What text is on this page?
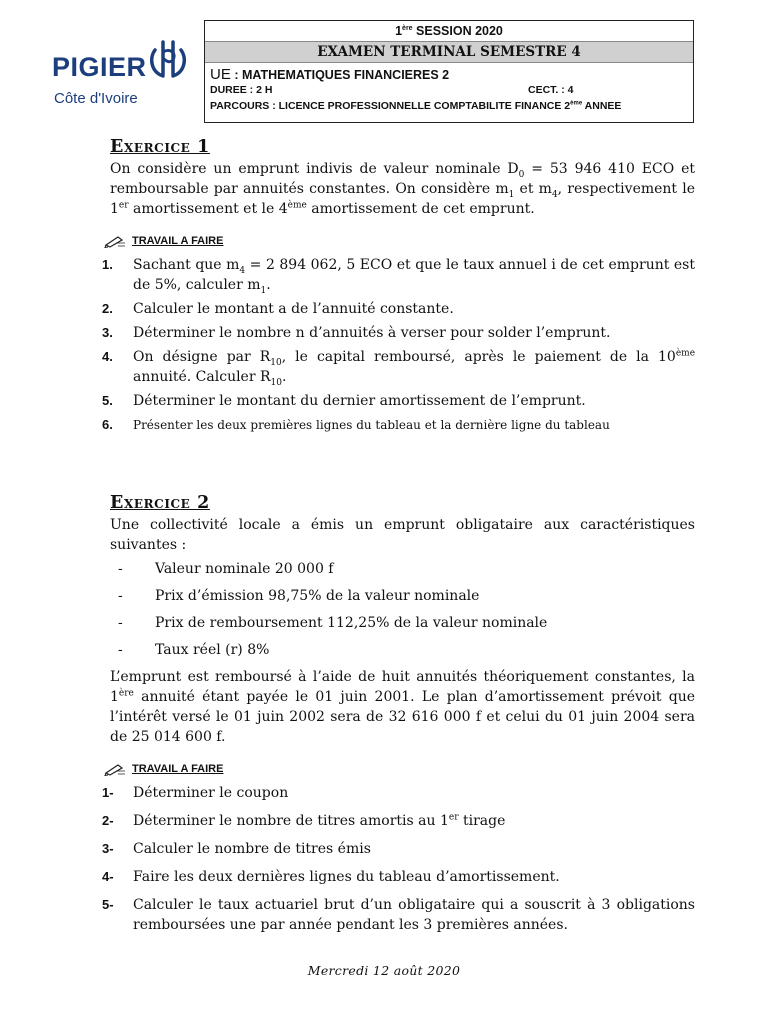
PIGIER
Côte d'Ivoire
1ère SESSION 2020
EXAMEN TERMINAL SEMESTRE 4
UE : MATHEMATIQUES FINANCIERES 2
DUREE : 2 H	CECT. : 4
PARCOURS : LICENCE PROFESSIONNELLE COMPTABILITE FINANCE 2ème ANNEE
Exercice 1

On considère un emprunt indivis de valeur nominale $D_0 = 53$ 946 410 ECO et remboursable par annuités constantes. On considère $m_1$ et $m_4$, respectivement le 1er amortissement et le 4ème amortissement de cet emprunt.

TRAVAIL A FAIRE
1.	Sachant que $m_4 = 2$ 894 062, 5 ECO et que le taux annuel i de cet emprunt est de 5%, calculer $m_1$.
2.	Calculer le montant a de l’annuité constante.
3.	Déterminer le nombre n d’annuités à verser pour solder l’emprunt.
4.	On désigne par $R_{10}$, le capital remboursé, après le paiement de la 10ème annuité. Calculer $R_{10}$.
5.	Déterminer le montant du dernier amortissement de l’emprunt.
6.	Présenter les deux premières lignes du tableau et la dernière ligne du tableau
Exercice 2

Une collectivité locale a émis un emprunt obligataire aux caractéristiques suivantes :

-	Valeur nominale 20 000 f
-	Prix d’émission 98,75% de la valeur nominale
-	Prix de remboursement 112,25% de la valeur nominale
-	Taux réel (r) 8%

L’emprunt est remboursé à l’aide de huit annuités théoriquement constantes, la 1ère annuité étant payée le 01 juin 2001. Le plan d’amortissement prévoit que l’intérêt versé le 01 juin 2002 sera de 32 616 000 f et celui du 01 juin 2004 sera de 25 014 600 f.

TRAVAIL A FAIRE
1-	Déterminer le coupon
2-	Déterminer le nombre de titres amortis au 1er tirage
3-	Calculer le nombre de titres émis
4-	Faire les deux dernières lignes du tableau d’amortissement.
5-	Calculer le taux actuariel brut d’un obligataire qui a souscrit à 3 obligations remboursées une par année pendant les 3 premières années.
Mercredi 12 août 2020
